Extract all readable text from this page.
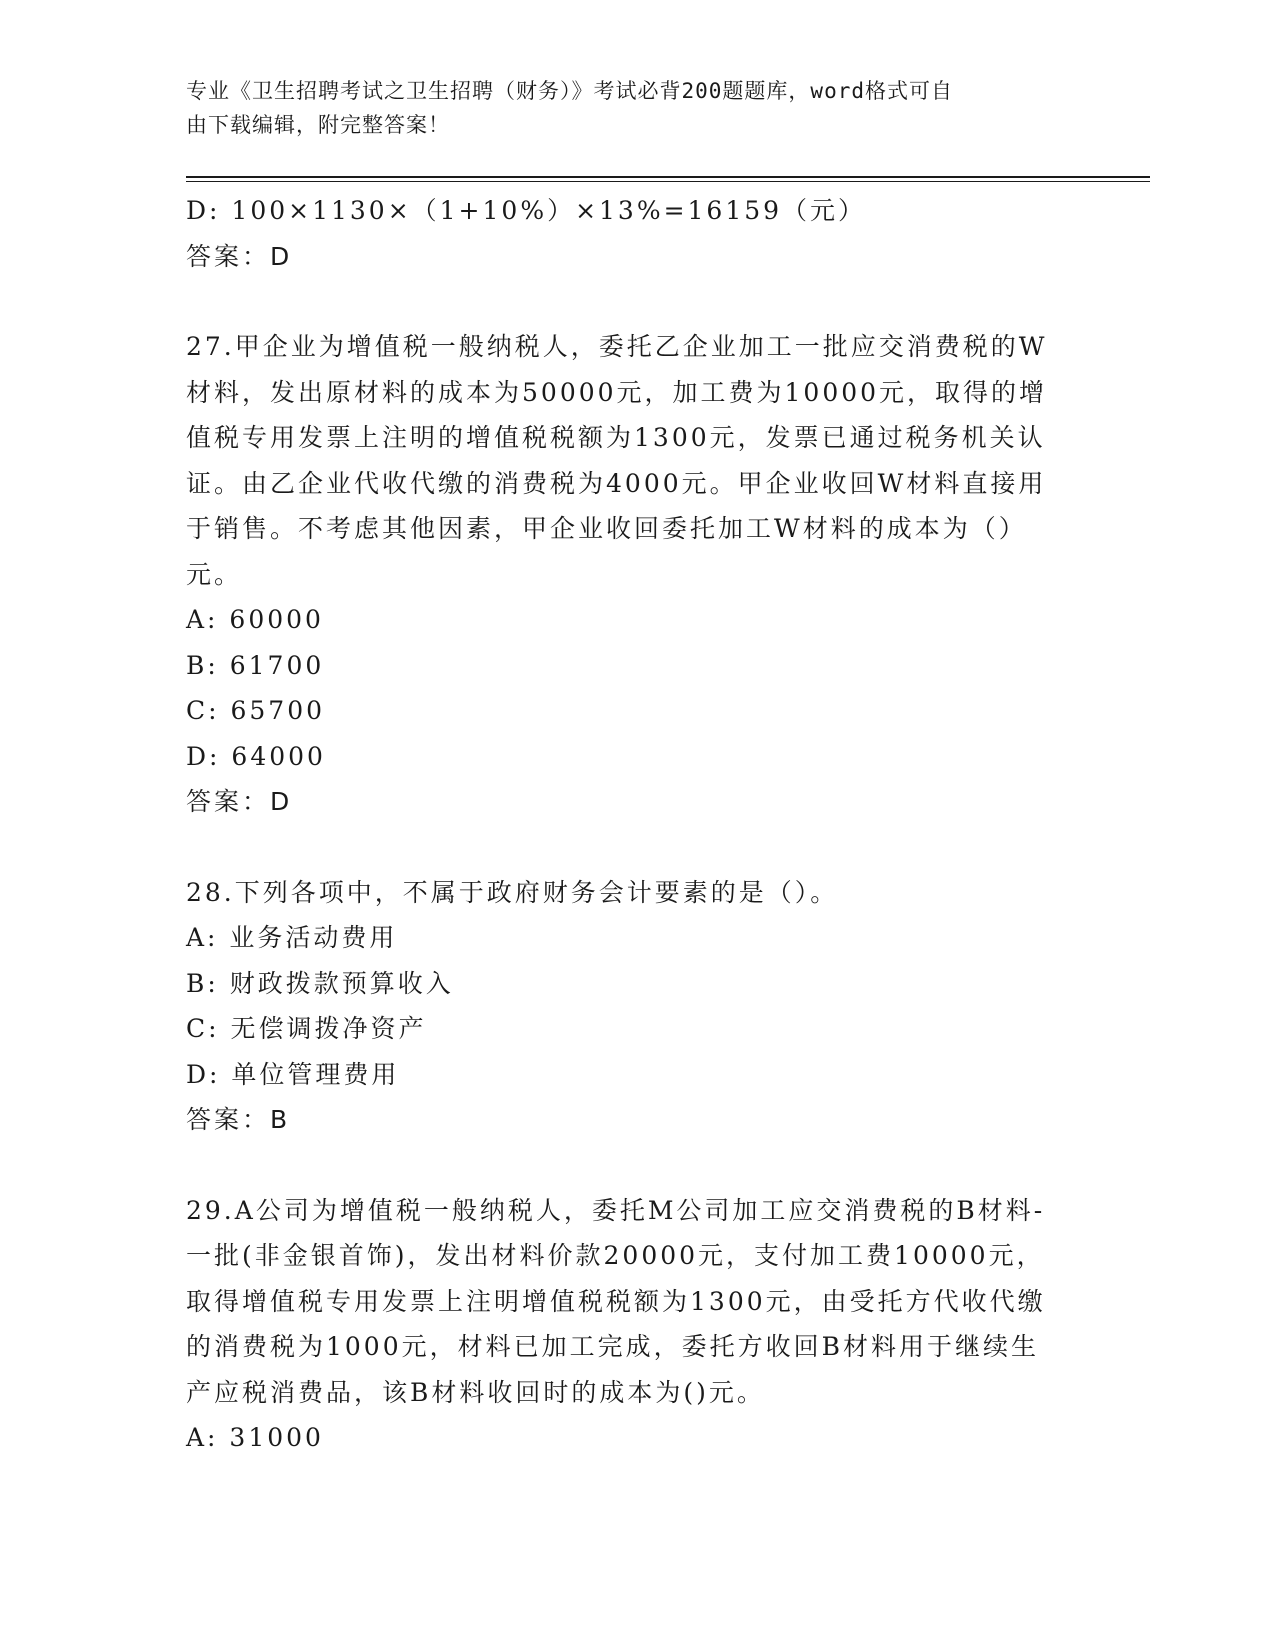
专业《卫生招聘考试之卫生招聘（财务）》考试必背200题题库，word格式可自
由下载编辑，附完整答案！
D: 100×1130×（1+10%）×13%=16159（元）
答案：D
27.甲企业为增值税一般纳税人，委托乙企业加工一批应交消费税的W
材料，发出原材料的成本为50000元，加工费为10000元，取得的增
值税专用发票上注明的增值税税额为1300元，发票已通过税务机关认
证。由乙企业代收代缴的消费税为4000元。甲企业收回W材料直接用
于销售。不考虑其他因素，甲企业收回委托加工W材料的成本为（）
元。
A: 60000
B: 61700
C: 65700
D: 64000
答案：D
28.下列各项中，不属于政府财务会计要素的是（）。
A: 业务活动费用
B: 财政拨款预算收入
C: 无偿调拨净资产
D: 单位管理费用
答案：B
29.A公司为增值税一般纳税人，委托M公司加工应交消费税的B材料-
一批(非金银首饰)，发出材料价款20000元，支付加工费10000元，
取得增值税专用发票上注明增值税税额为1300元，由受托方代收代缴
的消费税为1000元，材料已加工完成，委托方收回B材料用于继续生
产应税消费品，该B材料收回时的成本为()元。
A: 31000
